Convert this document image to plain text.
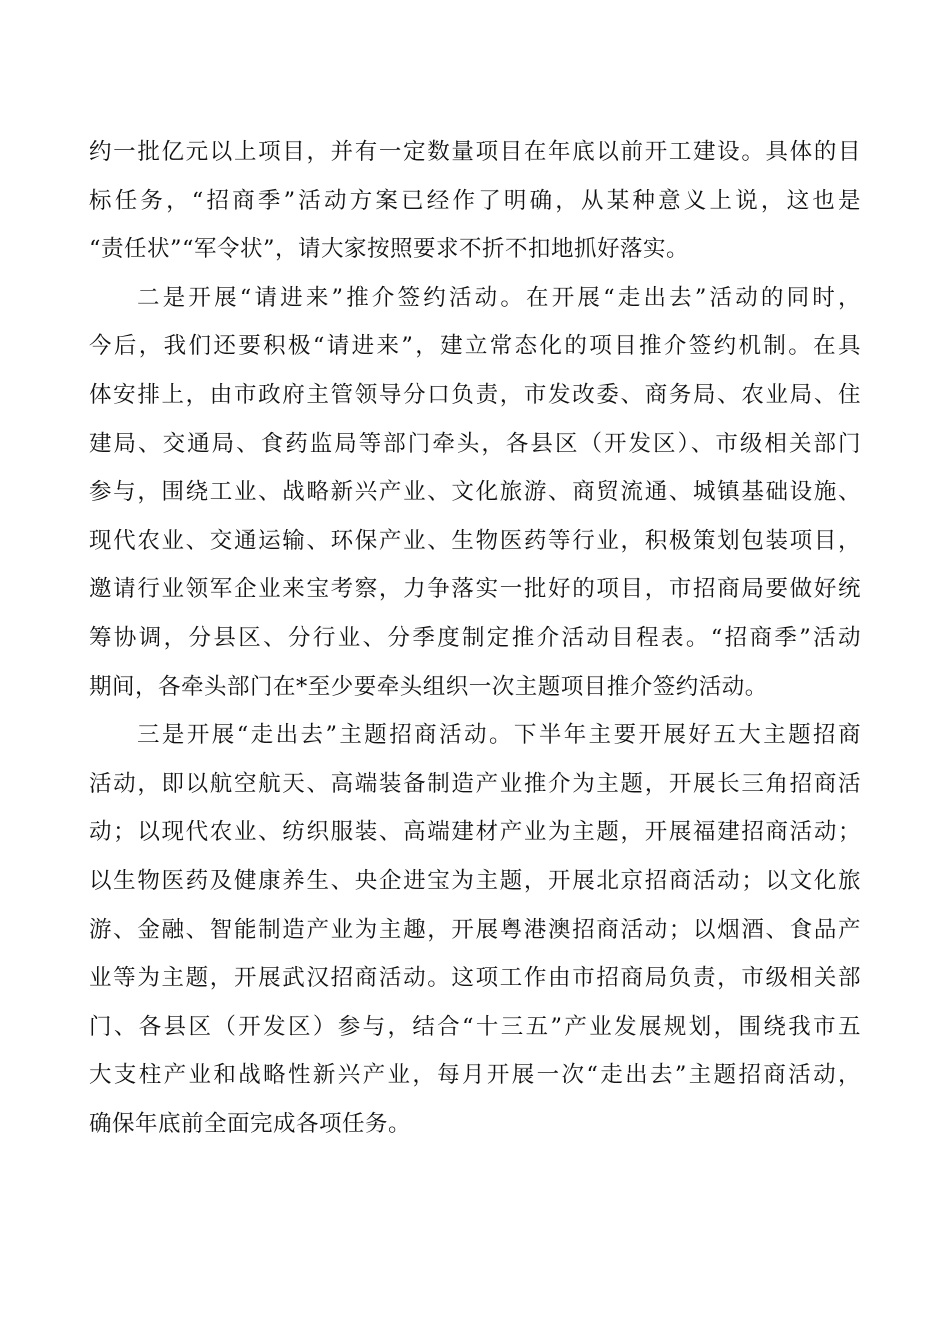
约一批亿元以上项目，并有一定数量项目在年底以前开工建设。具体的目
标任务，“招商季”活动方案已经作了明确，从某种意义上说，这也是
“责任状”“军令状”，请大家按照要求不折不扣地抓好落实。
二是开展“请进来”推介签约活动。在开展“走出去”活动的同时，
今后，我们还要积极“请进来”，建立常态化的项目推介签约机制。在具
体安排上，由市政府主管领导分口负责，市发改委、商务局、农业局、住
建局、交通局、食药监局等部门牵头，各县区（开发区）、市级相关部门
参与，围绕工业、战略新兴产业、文化旅游、商贸流通、城镇基础设施、
现代农业、交通运输、环保产业、生物医药等行业，积极策划包装项目，
邀请行业领军企业来宝考察，力争落实一批好的项目，市招商局要做好统
筹协调，分县区、分行业、分季度制定推介活动目程表。“招商季”活动
期间，各牵头部门在*至少要牵头组织一次主题项目推介签约活动。
三是开展“走出去”主题招商活动。下半年主要开展好五大主题招商
活动，即以航空航天、高端装备制造产业推介为主题，开展长三角招商活
动；以现代农业、纺织服装、高端建材产业为主题，开展福建招商活动；
以生物医药及健康养生、央企进宝为主题，开展北京招商活动；以文化旅
游、金融、智能制造产业为主趣，开展粤港澳招商活动；以烟酒、食品产
业等为主题，开展武汉招商活动。这项工作由市招商局负责，市级相关部
门、各县区（开发区）参与，结合“十三五”产业发展规划，围绕我市五
大支柱产业和战略性新兴产业，每月开展一次“走出去”主题招商活动，
确保年底前全面完成各项任务。
